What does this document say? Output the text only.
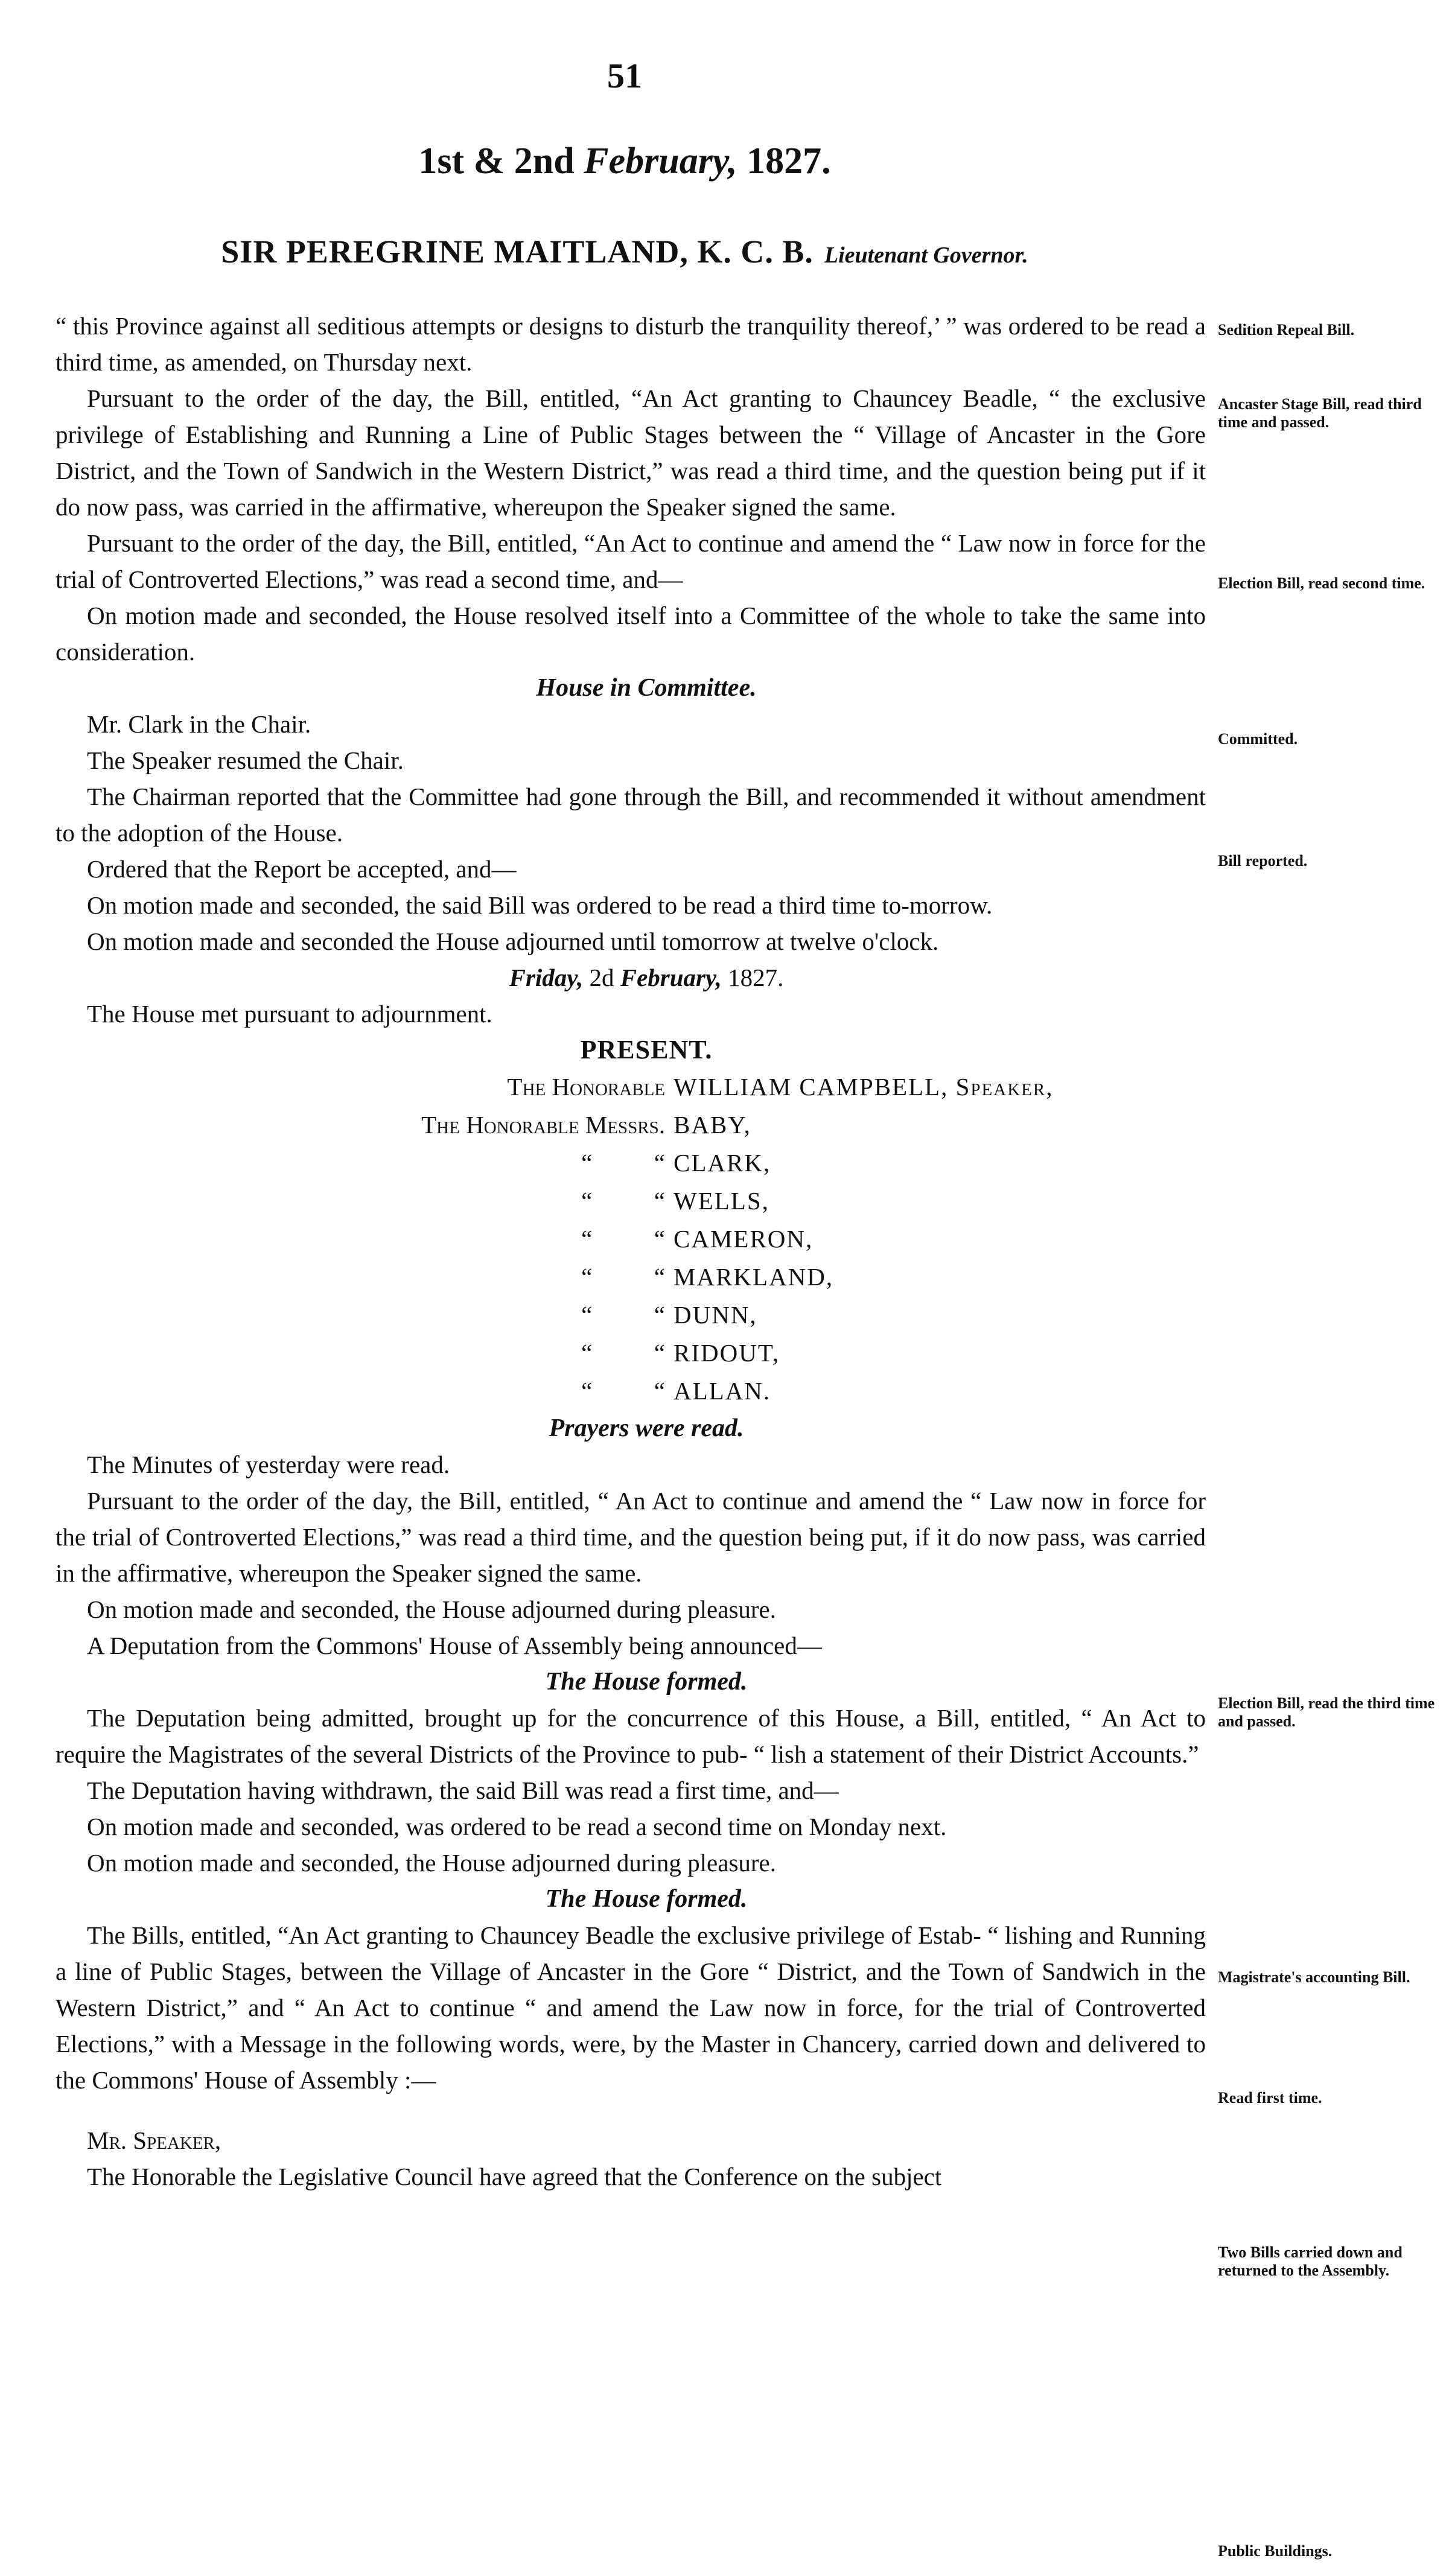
51
1st & 2nd February, 1827.
SIR PEREGRINE MAITLAND, K. C. B. Lieutenant Governor.

“ this Province against all seditious attempts or designs to disturb the tranquility thereof,’ ” was ordered to be read a third time, as amended, on Thursday next.

Pursuant to the order of the day, the Bill, entitled, “An Act granting to Chauncey Beadle, “ the exclusive privilege of Establishing and Running a Line of Public Stages between the “ Village of Ancaster in the Gore District, and the Town of Sandwich in the Western District,” was read a third time, and the question being put if it do now pass, was carried in the affirmative, whereupon the Speaker signed the same.

Pursuant to the order of the day, the Bill, entitled, “An Act to continue and amend the “ Law now in force for the trial of Controverted Elections,” was read a second time, and—

On motion made and seconded, the House resolved itself into a Committee of the whole to take the same into consideration.

House in Committee.

Mr. Clark in the Chair.

The Speaker resumed the Chair.

The Chairman reported that the Committee had gone through the Bill, and recommended it without amendment to the adoption of the House.

Ordered that the Report be accepted, and—

On motion made and seconded, the said Bill was ordered to be read a third time to-morrow.

On motion made and seconded the House adjourned until tomorrow at twelve o'clock.

Friday, 2d February, 1827.

The House met pursuant to adjournment.

PRESENT.

The Honorable WILLIAM CAMPBELL, Speaker,
The Honorable Messrs. BABY,
“          “ CLARK,
“          “ WELLS,
“          “ CAMERON,
“          “ MARKLAND,
“          “ DUNN,
“          “ RIDOUT,
“          “ ALLAN.

Prayers were read.

The Minutes of yesterday were read.

Pursuant to the order of the day, the Bill, entitled, “ An Act to continue and amend the “ Law now in force for the trial of Controverted Elections,” was read a third time, and the question being put, if it do now pass, was carried in the affirmative, whereupon the Speaker signed the same.

On motion made and seconded, the House adjourned during pleasure.

A Deputation from the Commons' House of Assembly being announced—

The House formed.

The Deputation being admitted, brought up for the concurrence of this House, a Bill, entitled, “ An Act to require the Magistrates of the several Districts of the Province to pub- “ lish a statement of their District Accounts.”

The Deputation having withdrawn, the said Bill was read a first time, and—

On motion made and seconded, was ordered to be read a second time on Monday next.

On motion made and seconded, the House adjourned during pleasure.

The House formed.

The Bills, entitled, “An Act granting to Chauncey Beadle the exclusive privilege of Estab- “ lishing and Running a line of Public Stages, between the Village of Ancaster in the Gore “ District, and the Town of Sandwich in the Western District,” and “ An Act to continue “ and amend the Law now in force, for the trial of Controverted Elections,” with a Message in the following words, were, by the Master in Chancery, carried down and delivered to the Commons' House of Assembly :—

Mr. Speaker,

The Honorable the Legislative Council have agreed that the Conference on the subject

Sedition Repeal Bill.
Ancaster Stage Bill, read third time and passed.
Election Bill, read second time.
Committed.
Bill reported.
Election Bill, read the third time and passed.
Magistrate's accounting Bill.
Read first time.
Two Bills carried down and returned to the Assembly.
Public Buildings.
